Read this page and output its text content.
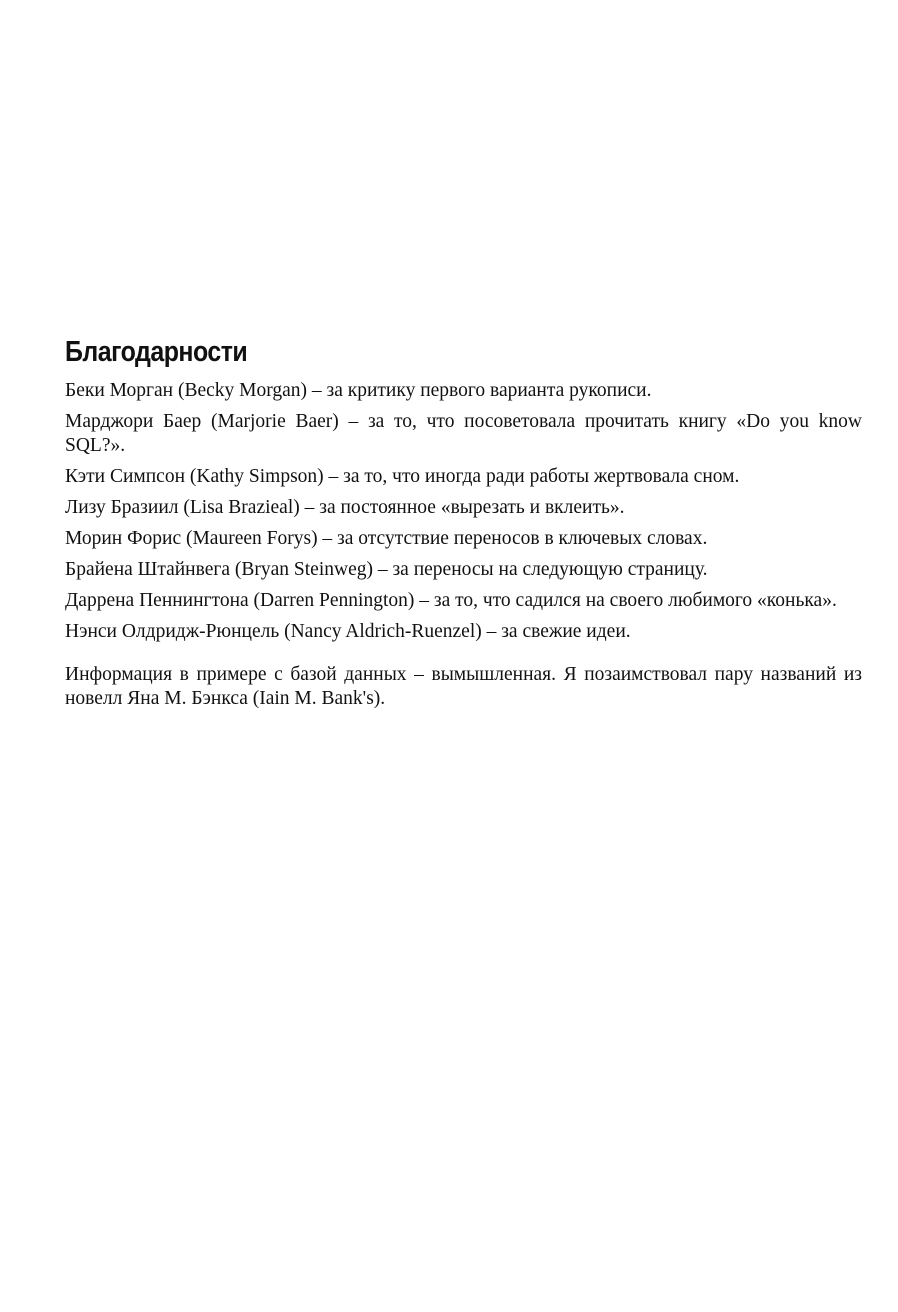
Благодарности
Беки Морган (Becky Morgan) – за критику первого варианта рукописи.
Марджори Баер (Marjorie Baer) – за то, что посоветовала прочитать книгу «Do you know SQL?».
Кэти Симпсон (Kathy Simpson) – за то, что иногда ради работы жертвовала сном.
Лизу Бразиил (Lisa Brazieal) – за постоянное «вырезать и вклеить».
Морин Форис (Maureen Forys) – за отсутствие переносов в ключевых словах.
Брайена Штайнвега (Bryan Steinweg) – за переносы на следующую страницу.
Даррена Пеннингтона (Darren Pennington) – за то, что садился на своего любимого «конька».
Нэнси Олдридж-Рюнцель (Nancy Aldrich-Ruenzel) – за свежие идеи.

Информация в примере с базой данных – вымышленная. Я позаимствовал пару названий из новелл Яна М. Бэнкса (Iain M. Bank's).
